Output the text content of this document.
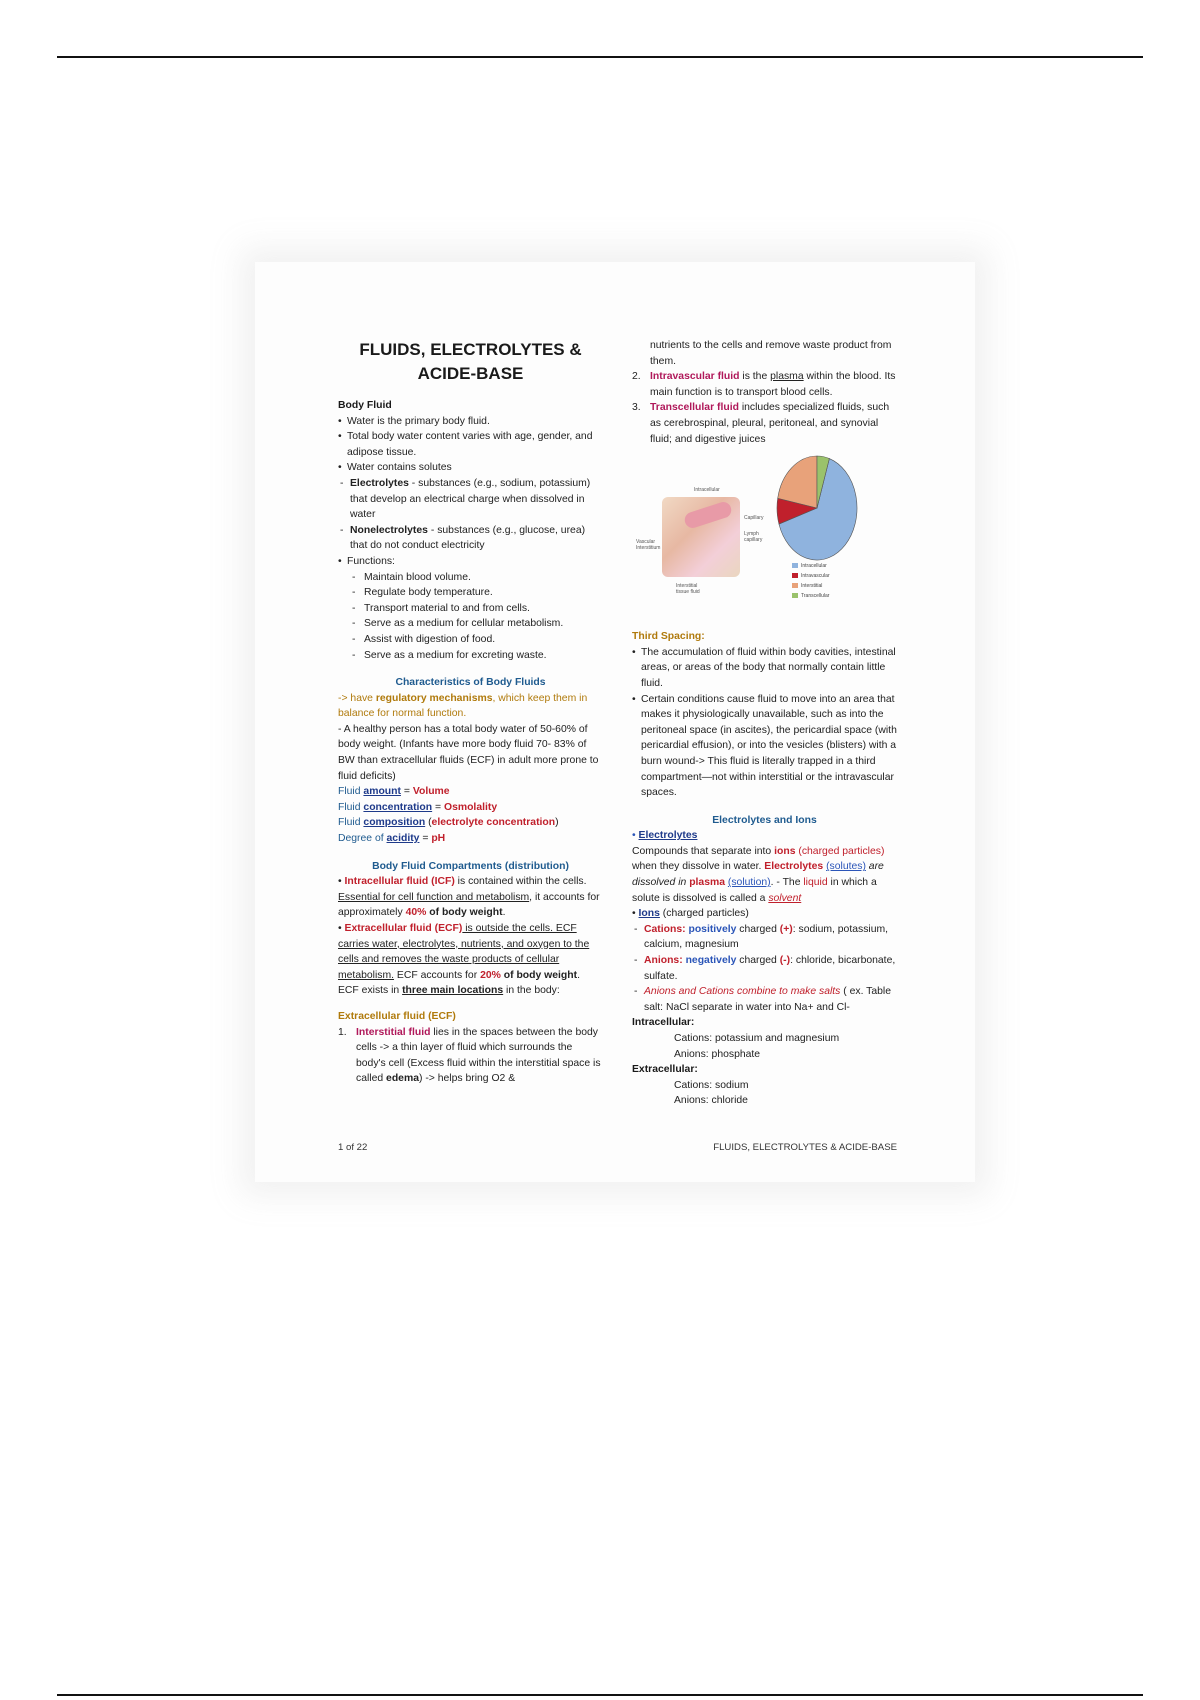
FLUIDS, ELECTROLYTES &
ACIDE-BASE
Body Fluid
• Water is the primary body fluid.
• Total body water content varies with age, gender, and adipose tissue.
• Water contains solutes
- Electrolytes - substances (e.g., sodium, potassium) that develop an electrical charge when dissolved in water
- Nonelectrolytes - substances (e.g., glucose, urea) that do not conduct electricity
• Functions:
- Maintain blood volume.
- Regulate body temperature.
- Transport material to and from cells.
- Serve as a medium for cellular metabolism.
- Assist with digestion of food.
- Serve as a medium for excreting waste.
Characteristics of Body Fluids

-> have regulatory mechanisms, which keep them in balance for normal function.

- A healthy person has a total body water of 50-60% of body weight. (Infants have more body fluid 70- 83% of BW than extracellular fluids (ECF) in adult more prone to fluid deficits)

Fluid amount = Volume

Fluid concentration = Osmolality

Fluid composition (electrolyte concentration)

Degree of acidity = pH

Body Fluid Compartments (distribution)

• Intracellular fluid (ICF) is contained within the cells. Essential for cell function and metabolism, it accounts for approximately 40% of body weight.

• Extracellular fluid (ECF) is outside the cells. ECF carries water, electrolytes, nutrients, and oxygen to the cells and removes the waste products of cellular metabolism. ECF accounts for 20% of body weight.

ECF exists in three main locations in the body:

Extracellular fluid (ECF)
1. Interstitial fluid lies in the spaces between the body cells -> a thin layer of fluid which surrounds the body's cell (Excess fluid within the interstitial space is called edema) -> helps bring O2 &

nutrients to the cells and remove waste product from them.

2. Intravascular fluid is the plasma within the blood. Its main function is to transport blood cells.
3. Transcellular fluid includes specialized fluids, such as cerebrospinal, pleural, peritoneal, and synovial fluid; and digestive juices
Intracellular
Capillary
Lymph capillary
Vascular Interstitium
Interstitial tissue fluid
Intracellular
Intravascular
Interstitial
Transcellular
Third Spacing:
• The accumulation of fluid within body cavities, intestinal areas, or areas of the body that normally contain little fluid.
• Certain conditions cause fluid to move into an area that makes it physiologically unavailable, such as into the peritoneal space (in ascites), the pericardial space (with pericardial effusion), or into the vesicles (blisters) with a burn wound-> This fluid is literally trapped in a third compartment—not within interstitial or the intravascular spaces.
Electrolytes and Ions

• Electrolytes

Compounds that separate into ions (charged particles) when they dissolve in water. Electrolytes (solutes) are dissolved in plasma (solution). - The liquid in which a solute is dissolved is called a solvent

• Ions (charged particles)

- Cations: positively charged (+): sodium, potassium, calcium, magnesium
- Anions: negatively charged (-): chloride, bicarbonate, sulfate.
- Anions and Cations combine to make salts ( ex. Table salt: NaCl separate in water into Na+ and Cl-
Intracellular:

Cations: potassium and magnesium

Anions: phosphate

Extracellular:

Cations: sodium

Anions: chloride

1 of 22	FLUIDS, ELECTROLYTES & ACIDE-BASE
